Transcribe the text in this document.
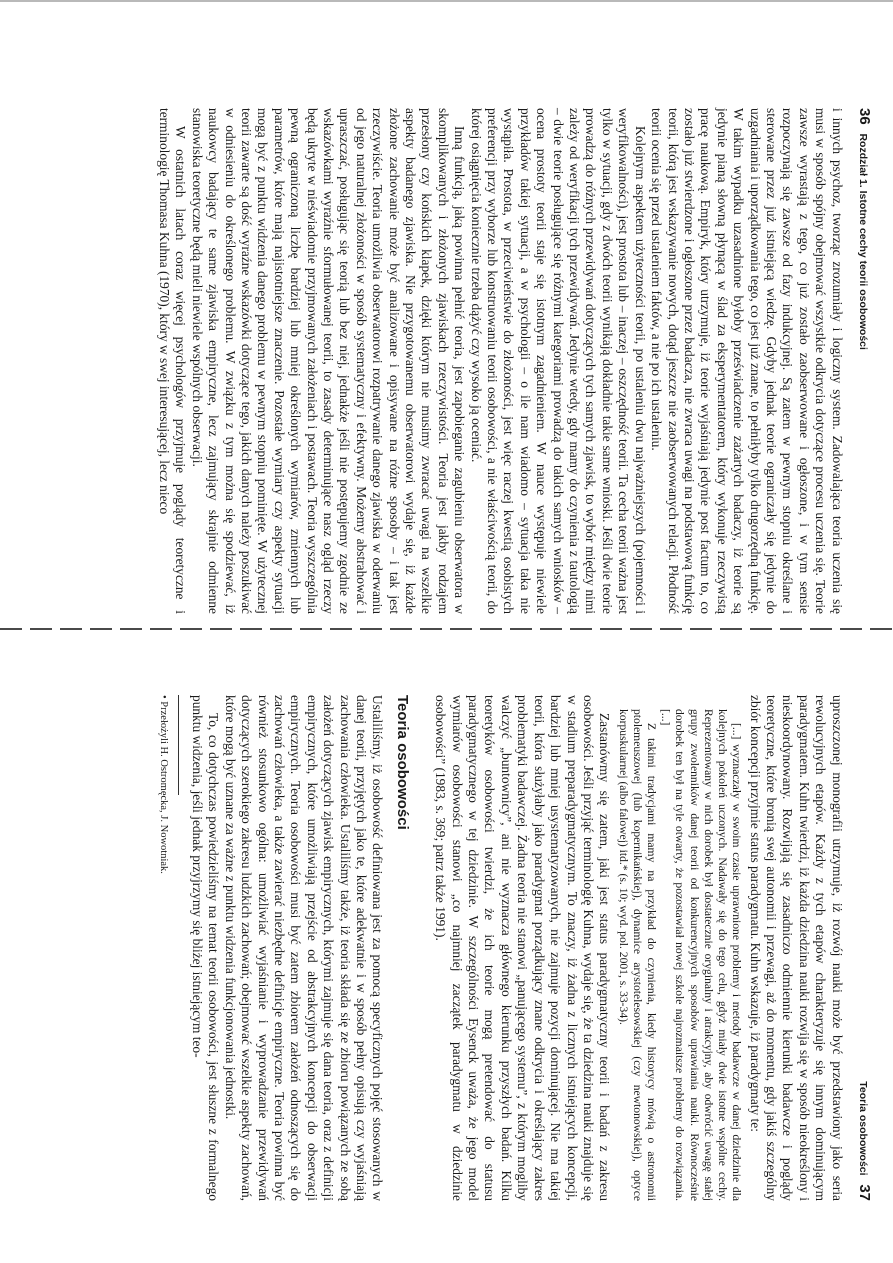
36   Rozdział 1. Istotne cechy teorii osobowości

i innych psychoz, tworząc zrozumiały i logiczny system. Zadowalająca teoria uczenia się musi w sposób spójny obejmować wszystkie odkrycia dotyczące procesu uczenia się. Teorie zawsze wyrastają z tego, co już zostało zaobserwowane i ogłoszone, i w tym sensie rozpoczynają się zawsze od fazy indukcyjnej. Są zatem w pewnym stopniu określane i sterowane przez już istniejącą wiedzę. Gdyby jednak teorie ograniczały się jedynie do uzgadniania i uporządkowania tego, co jest już znane, to pełniłyby tylko drugorzędną funkcję. W takim wypadku uzasadnione byłoby przeświadczenie zażartych badaczy, iż teorie są jedynie pianą słowną płynącą w ślad za eksperymentatorem, który wykonuje rzeczywistą pracę naukową. Empiryk, który utrzymuje, iż teorie wyjaśniają jedynie post factum to, co zostało już stwierdzone i ogłoszone przez badacza, nie zwraca uwagi na podstawową funkcję teorii, którą jest wskazywanie nowych, dotąd jeszcze nie zaobserwowanych relacji. Płodność teorii ocenia się przed ustaleniem faktów, a nie po ich ustaleniu.

Kolejnym aspektem użyteczności teorii, po ustaleniu dwu najważniejszych (pojemności i weryfikowalności), jest prostota lub – inaczej – oszczędność teorii. Ta cecha teorii ważna jest tylko w sytuacji, gdy z dwóch teorii wynikają dokładnie takie same wnioski. Jeśli dwie teorie prowadzą do różnych przewidywań dotyczących tych samych zjawisk, to wybór między nimi zależy od weryfikacji tych przewidywań. Jedynie wtedy, gdy mamy do czynienia z tautologią – dwie teorie posługujące się różnymi kategoriami prowadzą do takich samych wniosków – ocena prostoty teorii staje się istotnym zagadnieniem. W nauce występuje niewiele przykładów takiej sytuacji, a w psychologii – o ile nam wiadomo – sytuacja taka nie wystąpiła. Prostota, w przeciwieństwie do złożoności, jest więc raczej kwestią osobistych preferencji przy wyborze lub konstruowaniu teorii osobowości, a nie właściwością teorii, do której osiągnięcia koniecznie trzeba dążyć czy wysoko ją oceniać.

Inną funkcją, jaką powinna pełnić teoria, jest zapobieganie zagubieniu obserwatora w skomplikowanych i złożonych zjawiskach rzeczywistości. Teoria jest jakby rodzajem przesłony czy końskich klapek, dzięki którym nie musimy zwracać uwagi na wszelkie aspekty badanego zjawiska. Nie przygotowanemu obserwatorowi wydaje się, iż każde złożone zachowanie może być analizowane i opisywane na różne sposoby – i tak jest rzeczywiście. Teoria umożliwia obserwatorowi rozpatrywanie danego zjawiska w oderwaniu od jego naturalnej złożoności w sposób systematyczny i efektywny. Możemy abstrahować i upraszczać, posługując się teorią lub bez niej, jednakże jeśli nie postępujemy zgodnie ze wskazówkami wyraźnie sformułowanej teorii, to zasady determinujące nasz ogląd rzeczy będą ukryte w nieświadomie przyjmowanych założeniach i postawach. Teoria wyszczególnia pewną ograniczoną liczbę bardziej lub mniej określonych wymiarów, zmiennych lub parametrów, które mają najistotniejsze znaczenie. Pozostałe wymiary czy aspekty sytuacji mogą być z punktu widzenia danego problemu w pewnym stopniu pominięte. W użytecznej teorii zawarte są dość wyraźne wskazówki dotyczące tego, jakich danych należy poszukiwać w odniesieniu do określonego problemu. W związku z tym można się spodziewać, iż naukowcy badający te same zjawiska empiryczne, lecz zajmujący skrajnie odmienne stanowiska teoretyczne będą mieli niewiele wspólnych obserwacji.

W ostatnich latach coraz więcej psychologów przyjmuje poglądy teoretyczne i terminologię Thomasa Kuhna (1970), który w swej interesującej, lecz nieco

Teoria osobowości   37

uproszczonej monografii utrzymuje, iż rozwój nauki może być przedstawiony jako seria rewolucyjnych etapów. Każdy z tych etapów charakteryzuje się innym dominującym paradygmatem. Kuhn twierdzi, iż każda dziedzina nauki rozwija się w sposób nieokreślony i nieskoordynowany. Rozwijają się zasadniczo odmiennie kierunki badawcze i poglądy teoretyczne, które bronią swej autonomii i przewagi, aż do momentu, gdy jakiś szczególny zbiór koncepcji przyjmie status paradygmatu. Kuhn wskazuje, iż paradygmaty te:

[...] wyznaczały w swoim czasie uprawnione problemy i metody badawcze w danej dziedzinie dla kolejnych pokoleń uczonych. Nadawały się do tego celu, gdyż miały dwie istotne wspólne cechy. Reprezentowany w nich dorobek był dostatecznie oryginalny i atrakcyjny, aby odwrócić uwagę stałej grupy zwolenników danej teorii od konkurencyjnych sposobów uprawiania nauki. Równocześnie dorobek ten był na tyle otwarty, że pozostawiał nowej szkole najrozmaitsze problemy do rozwiązania. [...]

Z takimi tradycjami mamy na przykład do czynienia, kiedy historycy mówią o astronomii ptolemeuszowej (lub kopernikańskiej), dynamice arystotelesowskiej (czy newtonowskiej), optyce korpuskularnej (albo falowej) itd.* (s. 10; wyd. pol. 2001, s. 33-34).

Zastanówmy się zatem, jaki jest status paradygmatyczny teorii i badań z zakresu osobowości. Jeśli przyjąć terminologię Kuhna, wydaje się, że ta dziedzina nauki znajduje się w stadium preparadygmatycznym. To znaczy, iż żadna z licznych istniejących koncepcji, bardziej lub mniej usystematyzowanych, nie zajmuje pozycji dominującej. Nie ma takiej teorii, która służyłaby jako paradygmat porządkujący znane odkrycia i określający zakres problematyki badawczej. Żadna teoria nie stanowi „panującego systemu”, z którym mogliby walczyć „buntownicy”, ani nie wyznacza głównego kierunku przyszłych badań. Kilku teoretyków osobowości twierdzi, że ich teorie mogą pretendować do statusu paradygmatycznego w tej dziedzinie. W szczególności Eysenck uważa, że jego model wymiarów osobowości stanowi „co najmniej zaczątek paradygmatu w dziedzinie osobowości” (1983, s. 369; patrz także 1991).

Teoria osobowości

Ustaliliśmy, iż osobowość definiowana jest za pomocą specyficznych pojęć stosowanych w danej teorii, przyjętych jako te, które adekwatnie i w sposób pełny opisują czy wyjaśniają zachowania człowieka. Ustaliliśmy także, iż teoria składa się ze zbioru powiązanych ze sobą założeń dotyczących zjawisk empirycznych, którymi zajmuje się dana teoria, oraz z definicji empirycznych, które umożliwiają przejście od abstrakcyjnych koncepcji do obserwacji empirycznych. Teoria osobowości musi być zatem zbiorem założeń odnoszących się do zachowań człowieka, a także zawierać niezbędne definicje empiryczne. Teoria powinna być również stosunkowo ogólna: umożliwiać wyjaśnianie i wyprowadzanie przewidywań dotyczących szerokiego zakresu ludzkich zachowań; obejmować wszelkie aspekty zachowań, które mogą być uznane za ważne z punktu widzenia funkcjonowania jednostki.

To, co dotychczas powiedzieliśmy na temat teorii osobowości, jest słuszne z formalnego punktu widzenia, jeśli jednak przyjrzymy się bliżej istniejącym teo-

• Przełożyli H. Ostromęcka, J. Nowotniak.
